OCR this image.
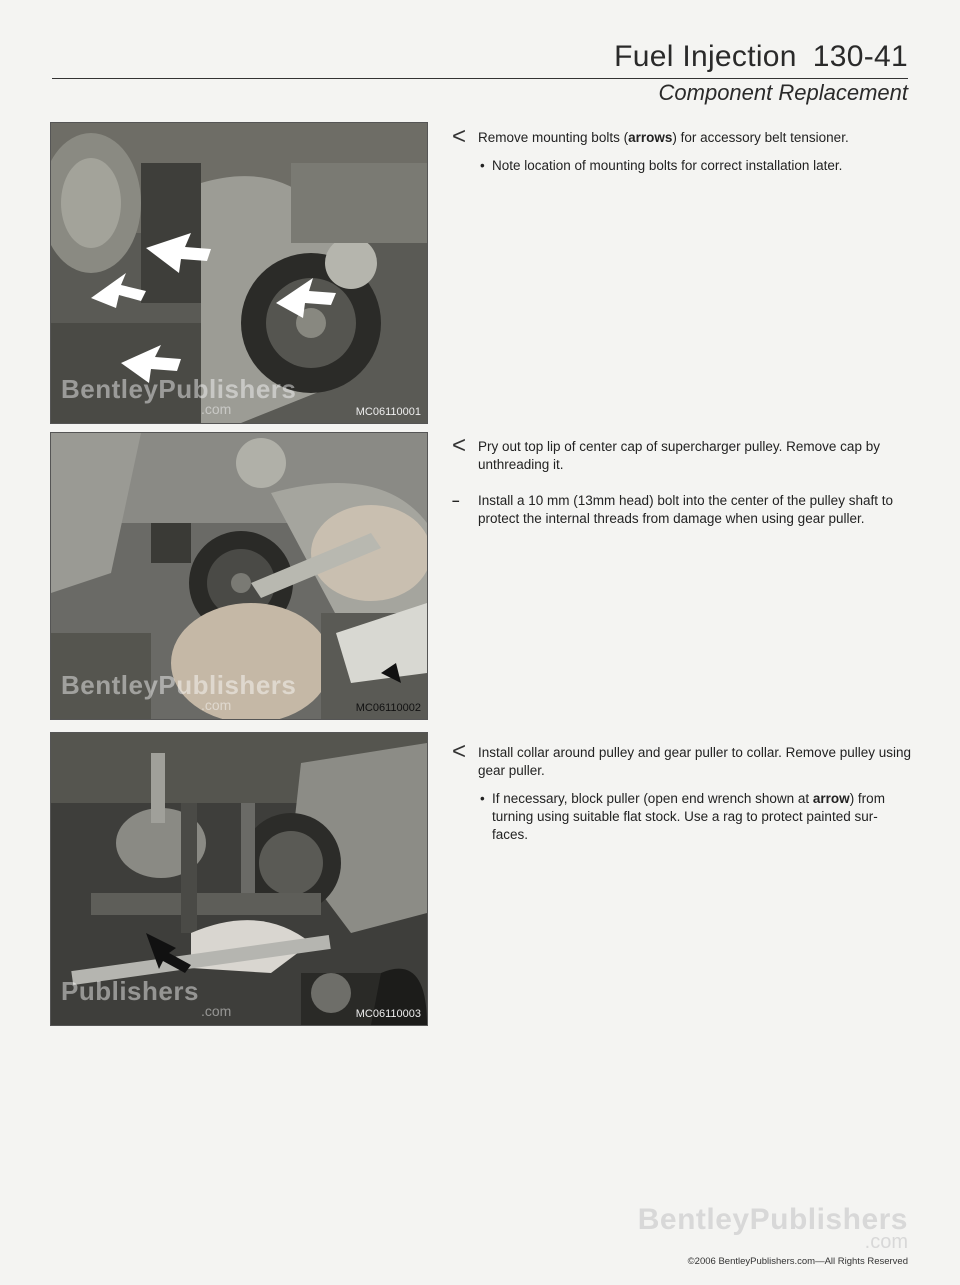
Fuel Injection 130-41
Component Replacement
BentleyPublishers
.com	MC06110001
BentleyPublishers
.com	MC06110002
Publishers
.com	MC06110003
< Remove mounting bolts (arrows) for accessory belt tensioner.

• Note location of mounting bolts for correct installation later.
< Pry out top lip of center cap of supercharger pulley. Remove cap by unthreading it.

– Install a 10 mm (13mm head) bolt into the center of the pulley shaft to protect the internal threads from damage when using gear puller.
< Install collar around pulley and gear puller to collar. Remove pulley using gear puller.

• If necessary, block puller (open end wrench shown at arrow) from turning using suitable flat stock. Use a rag to protect painted sur-faces.
BentleyPublishers
.com
©2006 BentleyPublishers.com—All Rights Reserved
